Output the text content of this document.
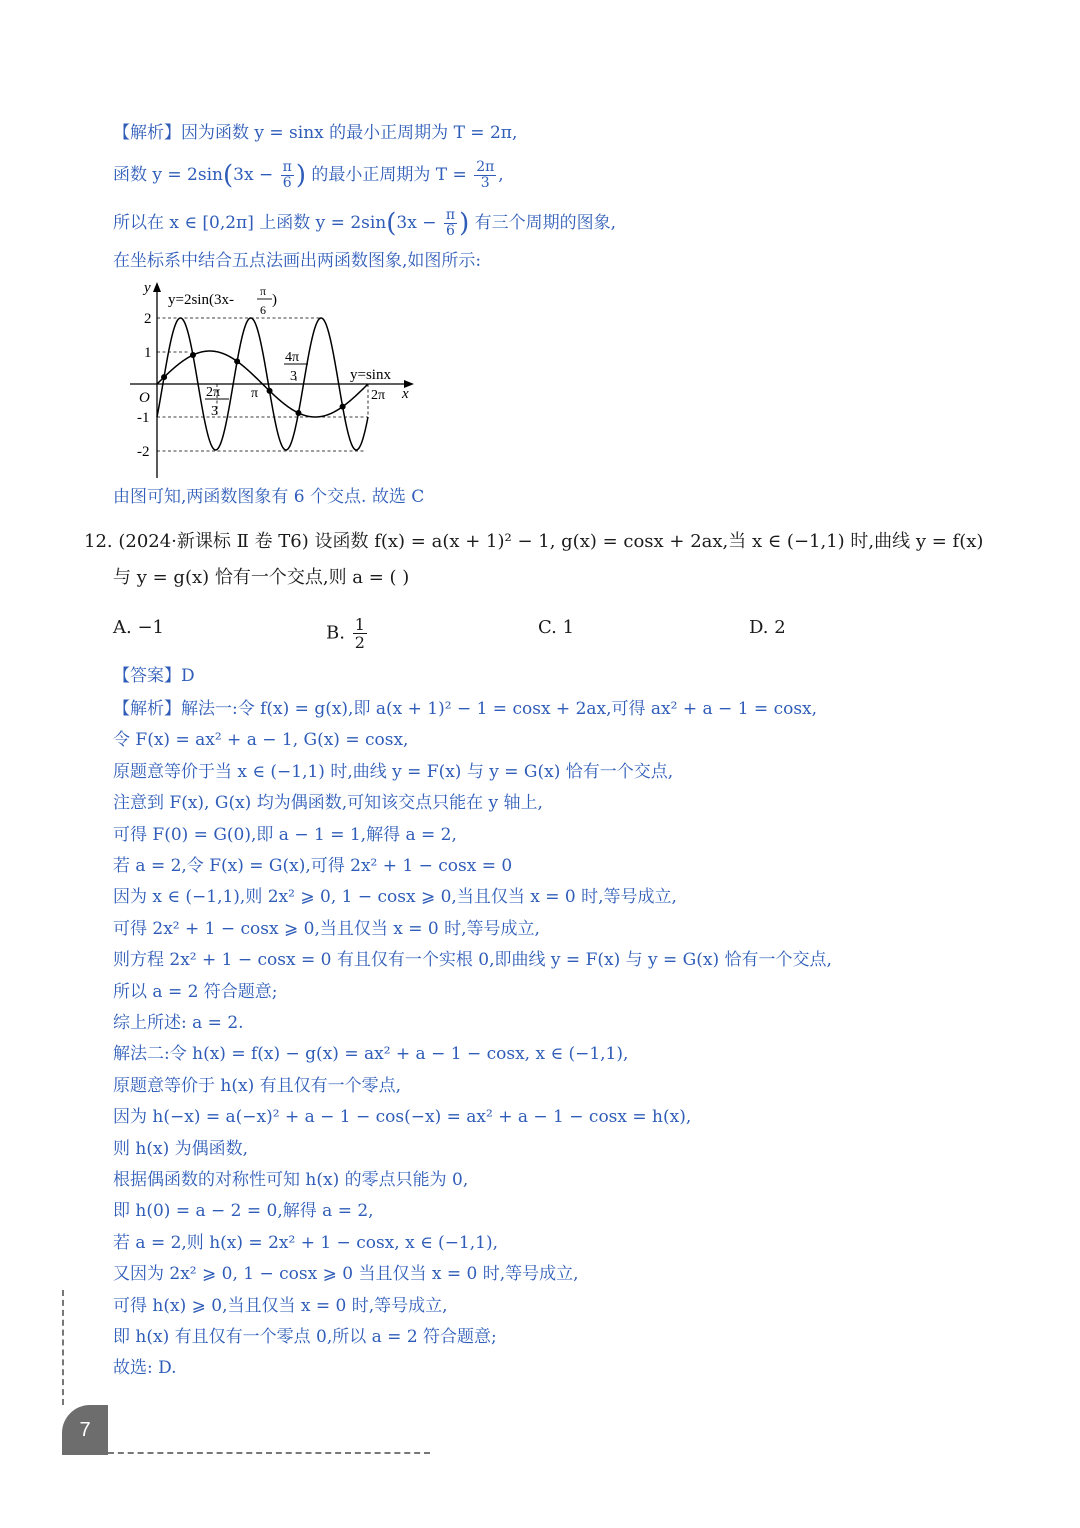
【解析】因为函数 y = sinx 的最小正周期为 T = 2π,
函数 $y = 2\sin(3x - \frac{\pi}{6}$ ) 的最小正周期为 $T = \frac{2\pi}{3}$ ,
所以在 x ∈ [0,2π] 上函数 $y = 2\sin(3x - \frac{\pi}{6}$ ) 有三个周期的图象,
在坐标系中结合五点法画出两函数图象,如图所示:
y
x
O
2
1
-1
-2
y=2sin(3x-
π
6
)
y=sinx
2π
3
π
4π
3
2π
由图可知,两函数图象有 6 个交点. 故选 C
12. (2024·新课标 Ⅱ 卷 T6) 设函数 f(x) = a(x + 1)² − 1, g(x) = cosx + 2ax,当 x ∈ (−1,1) 时,曲线 y = f(x)
与 y = g(x) 恰有一个交点,则 a = ( )
A. −1	B. $\frac{1}{2}$	C. 1	D. 2
【答案】D
【解析】解法一:令 f(x) = g(x),即 a(x + 1)² − 1 = cosx + 2ax,可得 ax² + a − 1 = cosx,
令 F(x) = ax² + a − 1, G(x) = cosx,
原题意等价于当 x ∈ (−1,1) 时,曲线 y = F(x) 与 y = G(x) 恰有一个交点,
注意到 F(x), G(x) 均为偶函数,可知该交点只能在 y 轴上,
可得 F(0) = G(0),即 a − 1 = 1,解得 a = 2,
若 a = 2,令 F(x) = G(x),可得 2x² + 1 − cosx = 0
因为 x ∈ (−1,1),则 2x² ⩾ 0, 1 − cosx ⩾ 0,当且仅当 x = 0 时,等号成立,
可得 2x² + 1 − cosx ⩾ 0,当且仅当 x = 0 时,等号成立,
则方程 2x² + 1 − cosx = 0 有且仅有一个实根 0,即曲线 y = F(x) 与 y = G(x) 恰有一个交点,
所以 a = 2 符合题意;
综上所述: a = 2.
解法二:令 h(x) = f(x) − g(x) = ax² + a − 1 − cosx, x ∈ (−1,1),
原题意等价于 h(x) 有且仅有一个零点,
因为 h(−x) = a(−x)² + a − 1 − cos(−x) = ax² + a − 1 − cosx = h(x),
则 h(x) 为偶函数,
根据偶函数的对称性可知 h(x) 的零点只能为 0,
即 h(0) = a − 2 = 0,解得 a = 2,
若 a = 2,则 h(x) = 2x² + 1 − cosx, x ∈ (−1,1),
又因为 2x² ⩾ 0, 1 − cosx ⩾ 0 当且仅当 x = 0 时,等号成立,
可得 h(x) ⩾ 0,当且仅当 x = 0 时,等号成立,
即 h(x) 有且仅有一个零点 0,所以 a = 2 符合题意;
故选: D.
7
